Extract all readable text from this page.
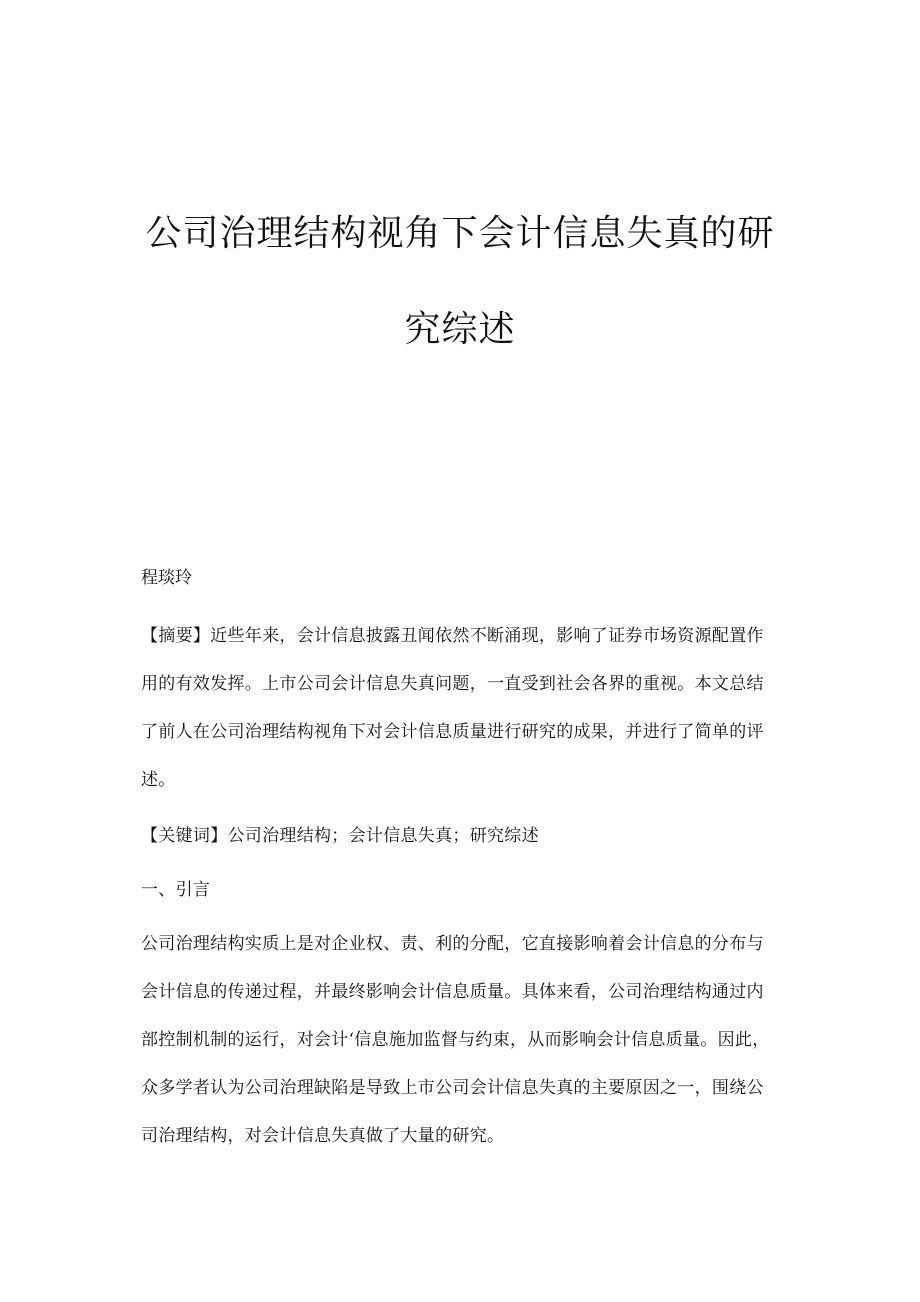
公司治理结构视角下会计信息失真的研
究综述

程琰玲

【摘要】近些年来，会计信息披露丑闻依然不断涌现，影响了证券市场资源配置作用的有效发挥。上市公司会计信息失真问题，一直受到社会各界的重视。本文总结了前人在公司治理结构视角下对会计信息质量进行研究的成果，并进行了简单的评述。

【关键词】公司治理结构；会计信息失真；研究综述

一、引言

公司治理结构实质上是对企业权、责、利的分配，它直接影响着会计信息的分布与会计信息的传递过程，并最终影响会计信息质量。具体来看，公司治理结构通过内部控制机制的运行，对会计‘信息施加监督与约束，从而影响会计信息质量。因此，众多学者认为公司治理缺陷是导致上市公司会计信息失真的主要原因之一，围绕公司治理结构，对会计信息失真做了大量的研究。
